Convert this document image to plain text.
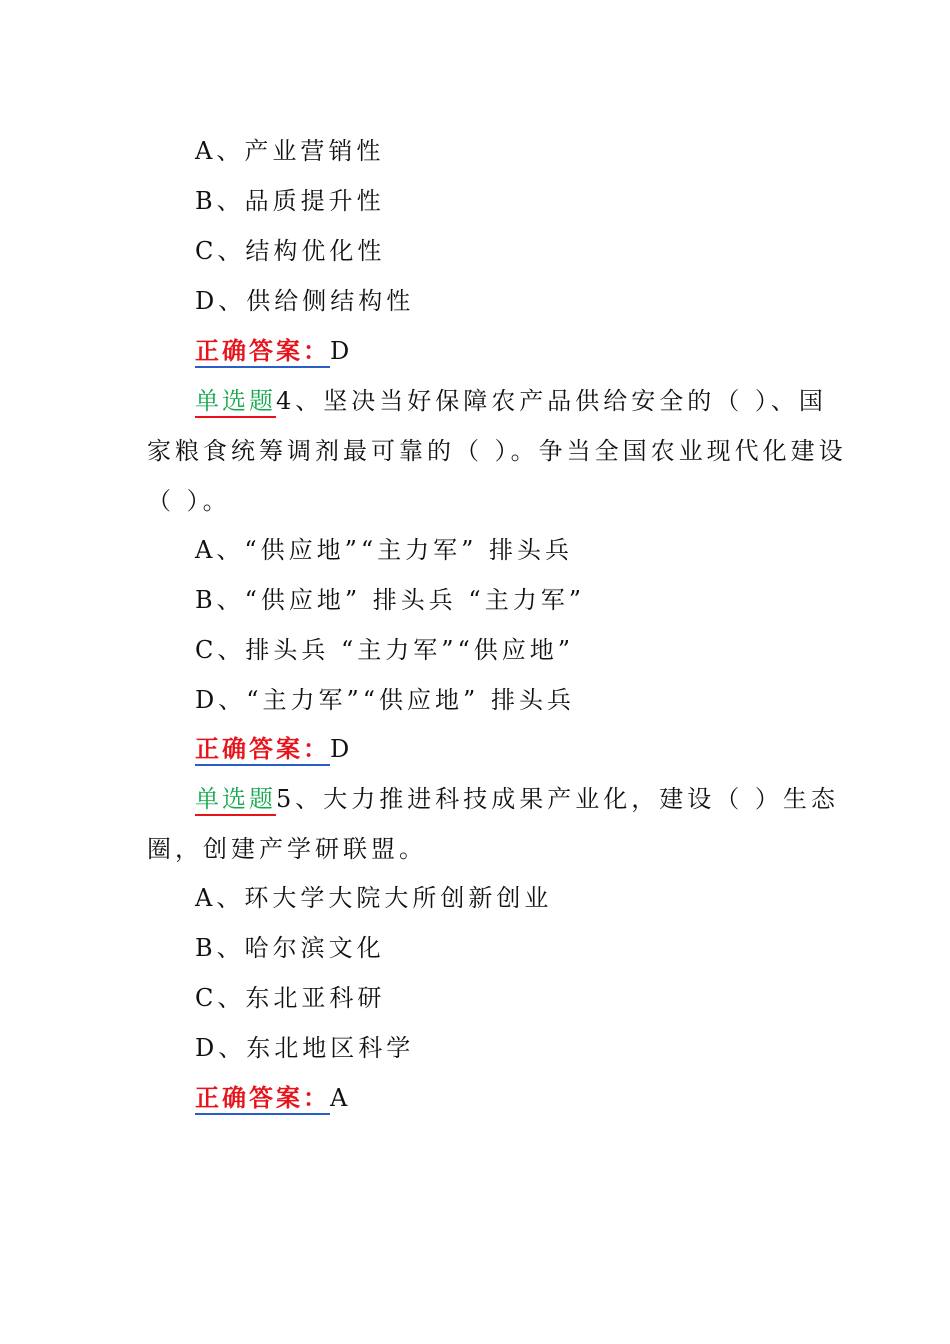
A、产业营销性
B、品质提升性
C、结构优化性
D、供给侧结构性
正确答案：D
单选题4、坚决当好保障农产品供给安全的（ ）、国
家粮食统筹调剂最可靠的（ ）。争当全国农业现代化建设
（ ）。
A、“供应地”“主力军” 排头兵
B、“供应地” 排头兵 “主力军”
C、排头兵 “主力军”“供应地”
D、“主力军”“供应地” 排头兵
正确答案：D
单选题5、大力推进科技成果产业化，建设（ ）生态
圈，创建产学研联盟。
A、环大学大院大所创新创业
B、哈尔滨文化
C、东北亚科研
D、东北地区科学
正确答案：A
